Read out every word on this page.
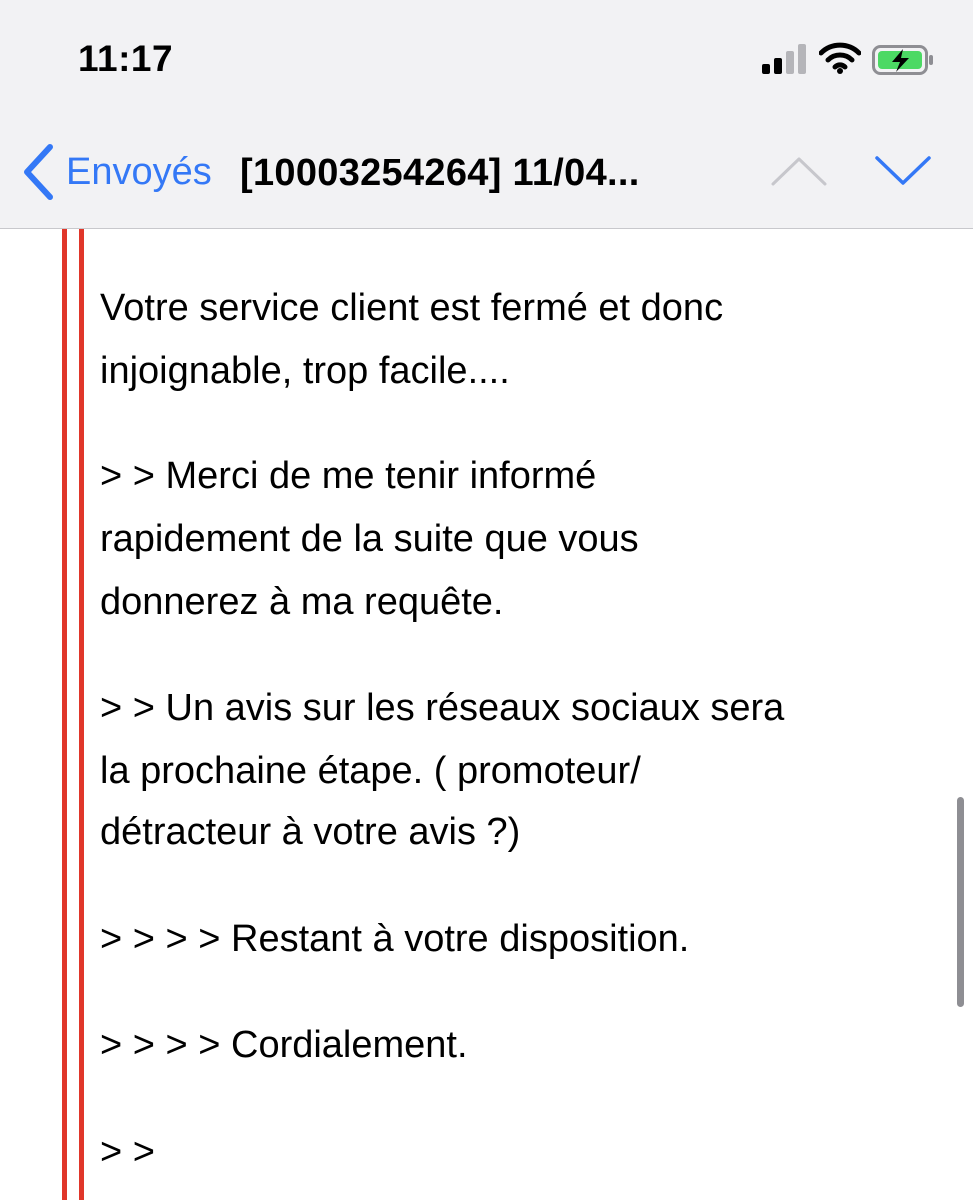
11:17
Envoyés [10003254264] 11/04...
Votre service client est fermé et donc
injoignable, trop facile....
> > Merci de me tenir informé
rapidement de la suite que vous
donnerez à ma requête.
> > Un avis sur les réseaux sociaux sera
la prochaine étape. ( promoteur/
détracteur à votre avis ?)
> > > > Restant à votre disposition.
> > > > Cordialement.
> >
